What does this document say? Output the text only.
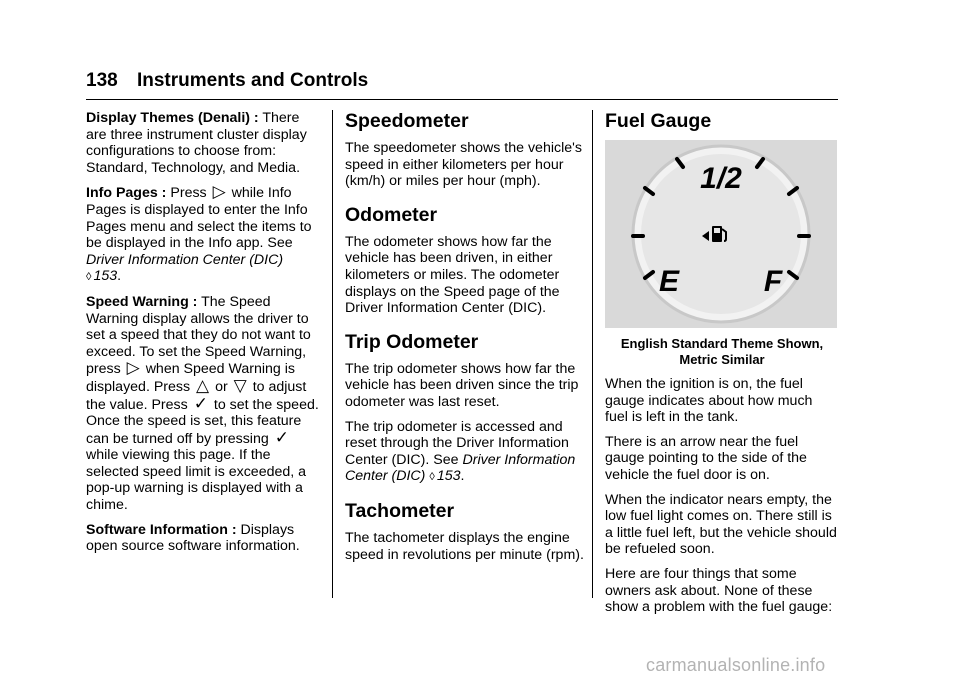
138 Instruments and Controls

Display Themes (Denali) : There are three instrument cluster display configurations to choose from: Standard, Technology, and Media.

Info Pages : Press ▷ while Info Pages is displayed to enter the Info Pages menu and select the items to be displayed in the Info app. See Driver Information Center (DIC)
◊ 153.

Speed Warning : The Speed Warning display allows the driver to set a speed that they do not want to exceed. To set the Speed Warning, press ▷ when Speed Warning is displayed. Press △ or ▽ to adjust the value. Press ✓ to set the speed. Once the speed is set, this feature can be turned off by pressing ✓ while viewing this page. If the selected speed limit is exceeded, a pop-up warning is displayed with a chime.

Software Information : Displays open source software information.

Speedometer

The speedometer shows the vehicle's speed in either kilometers per hour (km/h) or miles per hour (mph).

Odometer

The odometer shows how far the vehicle has been driven, in either kilometers or miles. The odometer displays on the Speed page of the Driver Information Center (DIC).

Trip Odometer

The trip odometer shows how far the vehicle has been driven since the trip odometer was last reset.

The trip odometer is accessed and reset through the Driver Information Center (DIC). See Driver Information Center (DIC) ◊ 153.

Tachometer

The tachometer displays the engine speed in revolutions per minute (rpm).

Fuel Gauge
1/2
E	F
English Standard Theme Shown,
Metric Similar

When the ignition is on, the fuel gauge indicates about how much fuel is left in the tank.

There is an arrow near the fuel gauge pointing to the side of the vehicle the fuel door is on.

When the indicator nears empty, the low fuel light comes on. There still is a little fuel left, but the vehicle should be refueled soon.

Here are four things that some owners ask about. None of these show a problem with the fuel gauge:

carmanualsonline.info
